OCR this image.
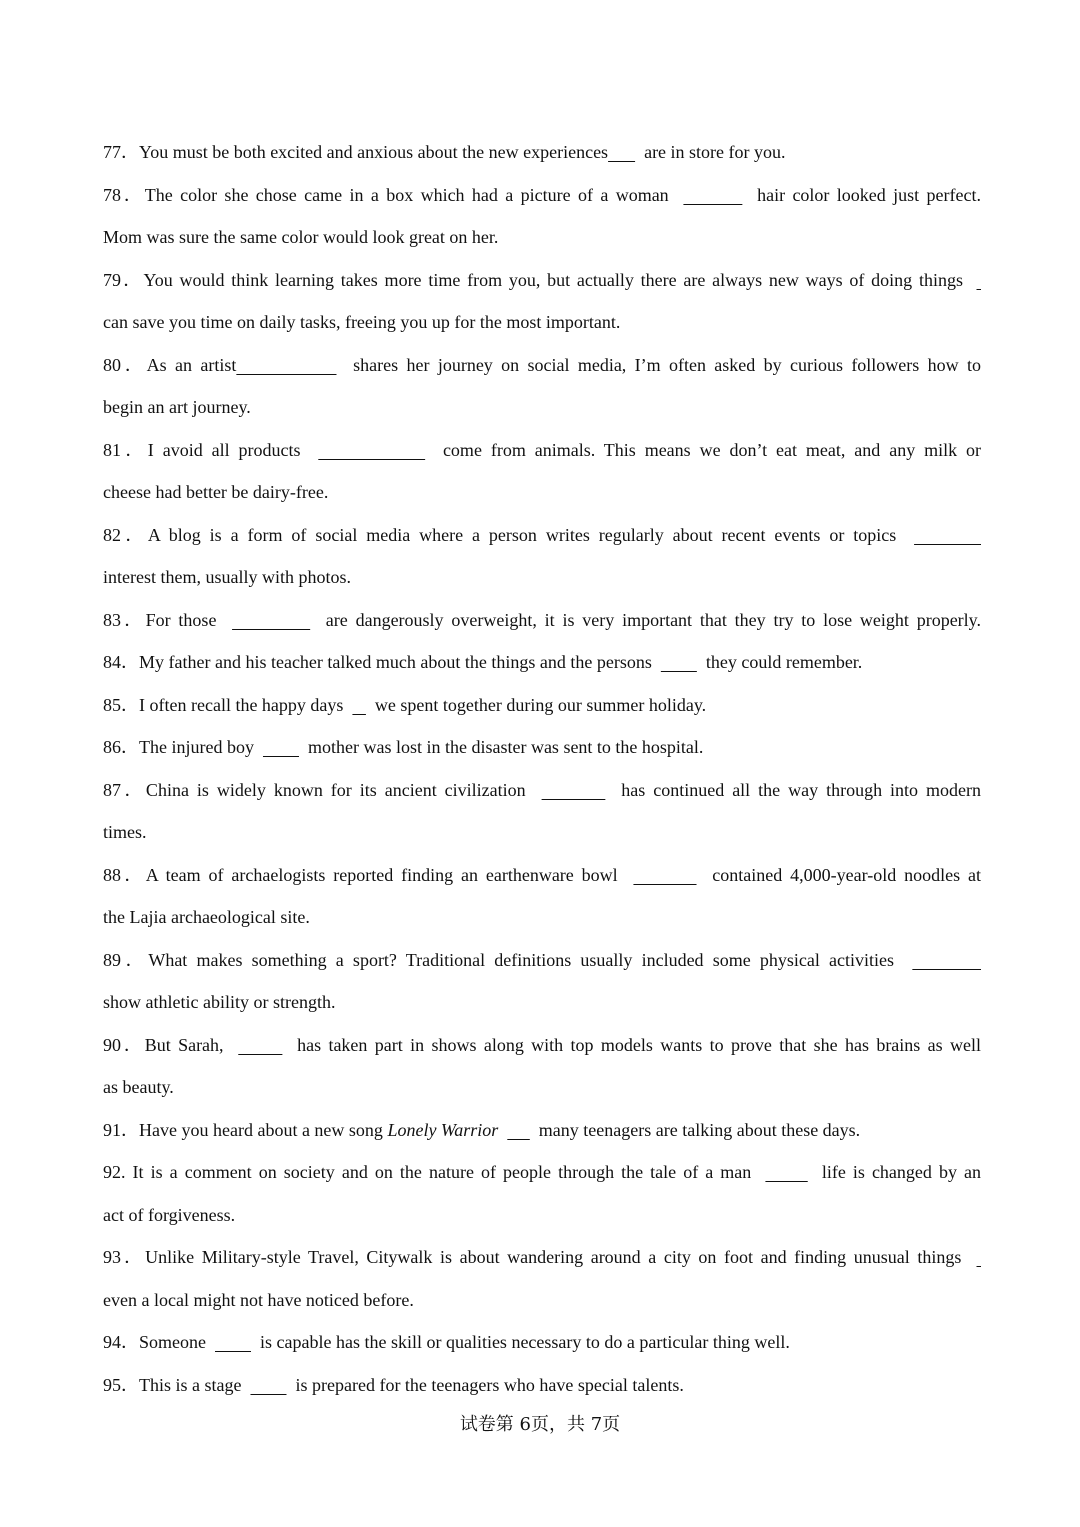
77．You must be both excited and anxious about the new experiences        are in store for you.
78．The color she chose came in a box which had a picture of a woman	hair color looked just perfect.
Mom was sure the same color would look great on her.
79．You would think learning takes more time from you, but actually there are always new ways of doing things
can save you time on daily tasks, freeing you up for the most important.
80．As an artist	shares her journey on social media, I’m often asked by curious followers how to
begin an art journey.
81．I avoid all products	come from animals. This means we don’t eat meat, and any milk or
cheese had better be dairy-free.
82．A blog is a form of social media where a person writes regularly about recent events or topics
interest them, usually with photos.
83．For those	are dangerously overweight, it is very important that they try to lose weight properly.
84．My father and his teacher talked much about the things and the persons            they could remember.
85．I often recall the happy days       we spent together during our summer holiday.
86．The injured boy            mother was lost in the disaster was sent to the hospital.
87．China is widely known for its ancient civilization	has continued all the way through into modern
times.
88．A team of archaelogists reported finding an earthenware bowl	contained 4,000-year-old noodles at
the Lajia archaeological site.
89．What makes something a sport? Traditional definitions usually included some physical activities
show athletic ability or strength.
90．But Sarah,          has taken part in shows along with top models wants to prove that she has brains as well
as beauty.
91．Have you heard about a new song Lonely Warrior         many teenagers are talking about these days.
92. It is a comment on society and on the nature of people through the tale of a man          life is changed by an
act of forgiveness.
93．Unlike Military-style Travel, Citywalk is about wandering around a city on foot and finding unusual things
even a local might not have noticed before.
94．Someone            is capable has the skill or qualities necessary to do a particular thing well.
95．This is a stage            is prepared for the teenagers who have special talents.
试卷第 6页，共 7页
